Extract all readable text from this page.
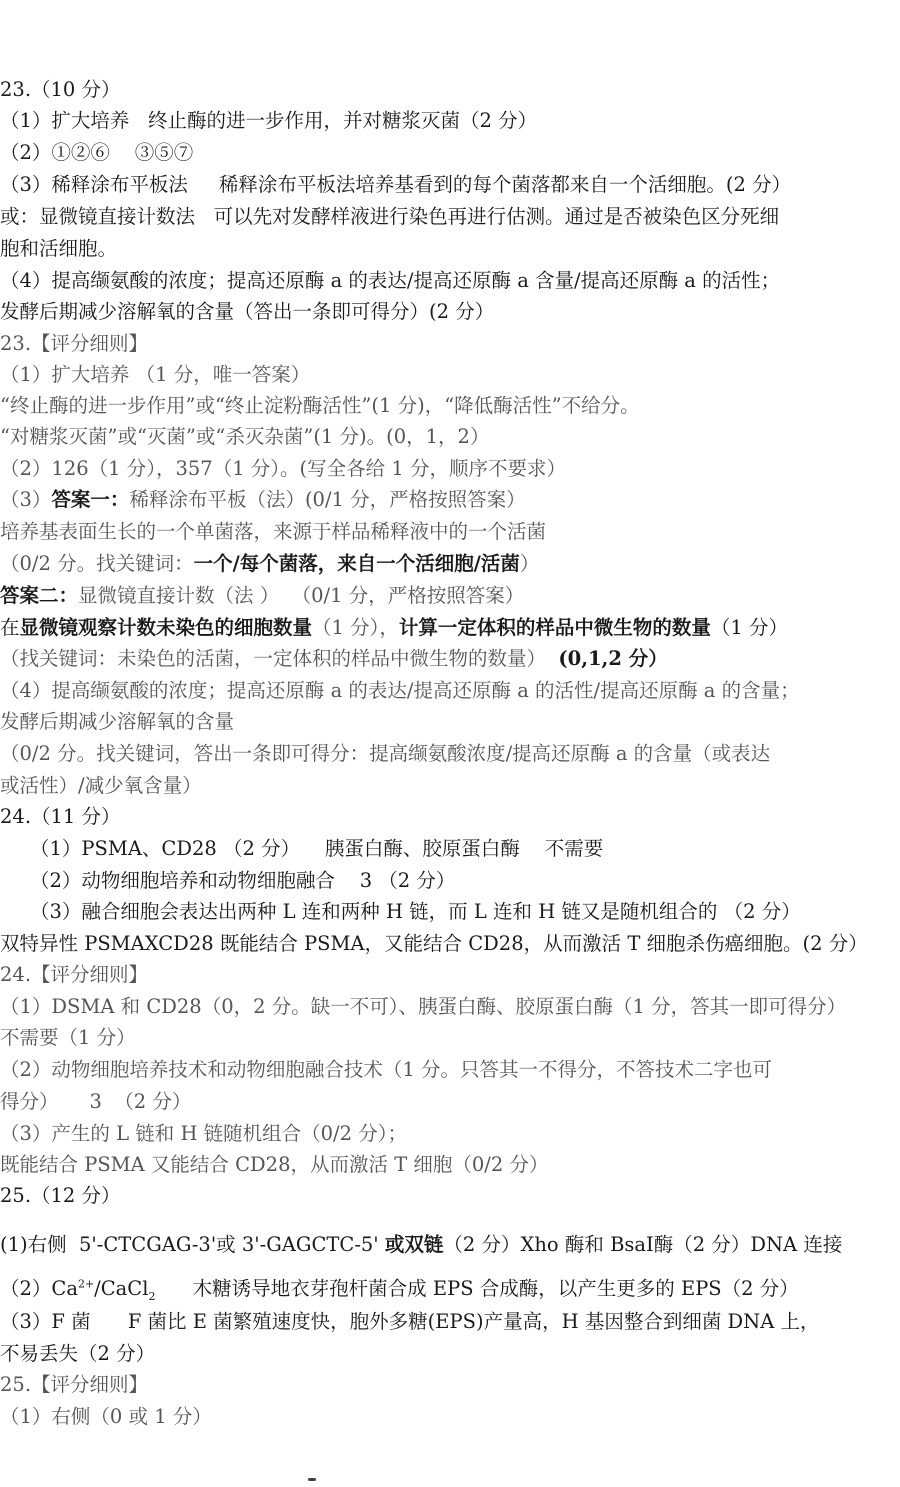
23.（10 分）
（1）扩大培养   终止酶的进一步作用，并对糖浆灭菌（2 分）
（2）①②⑥    ③⑤⑦
（3）稀释涂布平板法     稀释涂布平板法培养基看到的每个菌落都来自一个活细胞。(2 分）
或：显微镜直接计数法   可以先对发酵样液进行染色再进行估测。通过是否被染色区分死细
胞和活细胞。
（4）提高缬氨酸的浓度；提高还原酶 a 的表达/提高还原酶 a 含量/提高还原酶 a 的活性；
发酵后期减少溶解氧的含量（答出一条即可得分）(2 分）
23.【评分细则】
（1）扩大培养 （1 分，唯一答案）
“终止酶的进一步作用”或“终止淀粉酶活性”(1 分)，“降低酶活性”不给分。
“对糖浆灭菌”或“灭菌”或“杀灭杂菌”(1 分)。(0，1，2）
（2）126（1 分），357（1 分）。(写全各给 1 分，顺序不要求）
（3）答案一：稀释涂布平板（法）(0/1 分，严格按照答案）
培养基表面生长的一个单菌落，来源于样品稀释液中的一个活菌
（0/2 分。找关键词：一个/每个菌落，来自一个活细胞/活菌）
答案二：显微镜直接计数（法 ）  （0/1 分，严格按照答案）
在显微镜观察计数未染色的细胞数量（1 分），计算一定体积的样品中微生物的数量（1 分）
（找关键词：未染色的活菌，一定体积的样品中微生物的数量）  (0,1,2 分）
（4）提高缬氨酸的浓度；提高还原酶 a 的表达/提高还原酶 a 的活性/提高还原酶 a 的含量；
发酵后期减少溶解氧的含量
（0/2 分。找关键词，答出一条即可得分：提高缬氨酸浓度/提高还原酶 a 的含量（或表达
或活性）/减少氧含量）
24.（11 分）
（1）PSMA、CD28 （2 分）    胰蛋白酶、胶原蛋白酶    不需要
（2）动物细胞培养和动物细胞融合    3 （2 分）
（3）融合细胞会表达出两种 L 连和两种 H 链，而 L 连和 H 链又是随机组合的 （2 分）
双特异性 PSMAXCD28 既能结合 PSMA，又能结合 CD28，从而激活 T 细胞杀伤癌细胞。(2 分）
24.【评分细则】
（1）DSMA 和 CD28（0，2 分。缺一不可）、胰蛋白酶、胶原蛋白酶（1 分，答其一即可得分）
不需要（1 分）
（2）动物细胞培养技术和动物细胞融合技术（1 分。只答其一不得分，不答技术二字也可
得分）     3  （2 分）
（3）产生的 L 链和 H 链随机组合（0/2 分）；
既能结合 PSMA 又能结合 CD28，从而激活 T 细胞（0/2 分）
25.（12 分）
(1)右侧  5'-CTCGAG-3'或 3'-GAGCTC-5' 或双链（2 分）Xho 酶和 BsaⅠ酶（2 分）DNA 连接
$(2)Ca^{2+}/CaCl_2$      木糖诱导地衣芽孢杆菌合成 EPS 合成酶，以产生更多的 EPS（2 分）
（3）F 菌      F 菌比 E 菌繁殖速度快，胞外多糖(EPS)产量高，H 基因整合到细菌 DNA 上，
不易丢失（2 分）
25.【评分细则】
（1）右侧（0 或 1 分）
